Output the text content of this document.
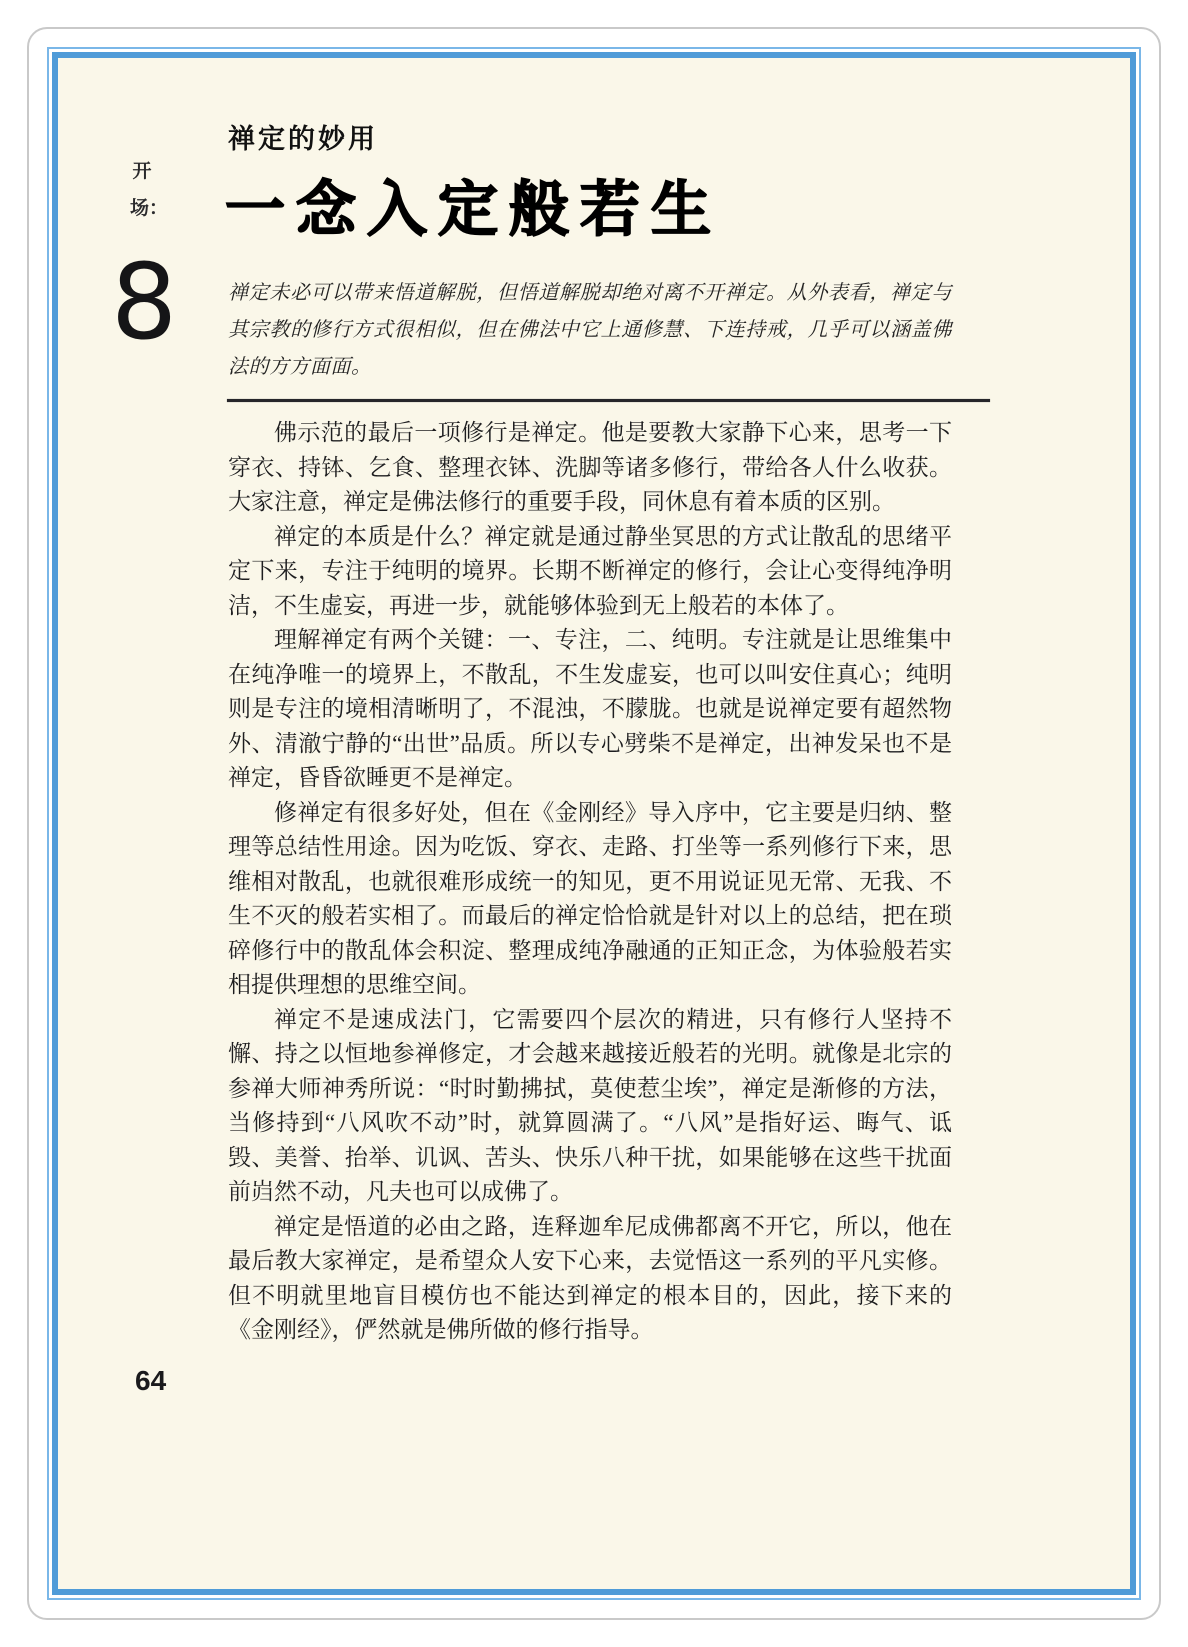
开场：
8
禅定的妙用
一念入定般若生
禅定未必可以带来悟道解脱，但悟道解脱却绝对离不开禅定。从外表看，禅定与其宗教的修行方式很相似，但在佛法中它上通修慧、下连持戒，几乎可以涵盖佛法的方方面面。

佛示范的最后一项修行是禅定。他是要教大家静下心来，思考一下穿衣、持钵、乞食、整理衣钵、洗脚等诸多修行，带给各人什么收获。大家注意，禅定是佛法修行的重要手段，同休息有着本质的区别。

禅定的本质是什么？禅定就是通过静坐冥思的方式让散乱的思绪平定下来，专注于纯明的境界。长期不断禅定的修行，会让心变得纯净明洁，不生虚妄，再进一步，就能够体验到无上般若的本体了。

理解禅定有两个关键：一、专注，二、纯明。专注就是让思维集中在纯净唯一的境界上，不散乱，不生发虚妄，也可以叫安住真心；纯明则是专注的境相清晰明了，不混浊，不朦胧。也就是说禅定要有超然物外、清澈宁静的“出世”品质。所以专心劈柴不是禅定，出神发呆也不是禅定，昏昏欲睡更不是禅定。

修禅定有很多好处，但在《金刚经》导入序中，它主要是归纳、整理等总结性用途。因为吃饭、穿衣、走路、打坐等一系列修行下来，思维相对散乱，也就很难形成统一的知见，更不用说证见无常、无我、不生不灭的般若实相了。而最后的禅定恰恰就是针对以上的总结，把在琐碎修行中的散乱体会积淀、整理成纯净融通的正知正念，为体验般若实相提供理想的思维空间。

禅定不是速成法门，它需要四个层次的精进，只有修行人坚持不懈、持之以恒地参禅修定，才会越来越接近般若的光明。就像是北宗的参禅大师神秀所说：“时时勤拂拭，莫使惹尘埃”，禅定是渐修的方法，当修持到“八风吹不动”时，就算圆满了。“八风”是指好运、晦气、诋毁、美誉、抬举、讥讽、苦头、快乐八种干扰，如果能够在这些干扰面前岿然不动，凡夫也可以成佛了。

禅定是悟道的必由之路，连释迦牟尼成佛都离不开它，所以，他在最后教大家禅定，是希望众人安下心来，去觉悟这一系列的平凡实修。但不明就里地盲目模仿也不能达到禅定的根本目的，因此，接下来的《金刚经》，俨然就是佛所做的修行指导。

64
